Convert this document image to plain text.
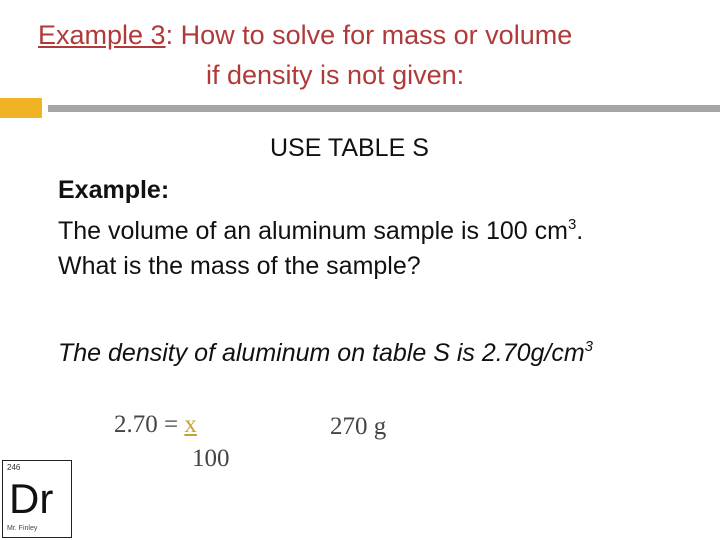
Example 3: How to solve for mass or volume
if density is not given:
USE TABLE S
Example:
The volume of an aluminum sample is 100 $cm^3$.
What is the mass of the sample?
The density of aluminum on table S is $2.70g/cm^3$
2.70 = x
100
270 g
246
Dr
Mr. Finley
